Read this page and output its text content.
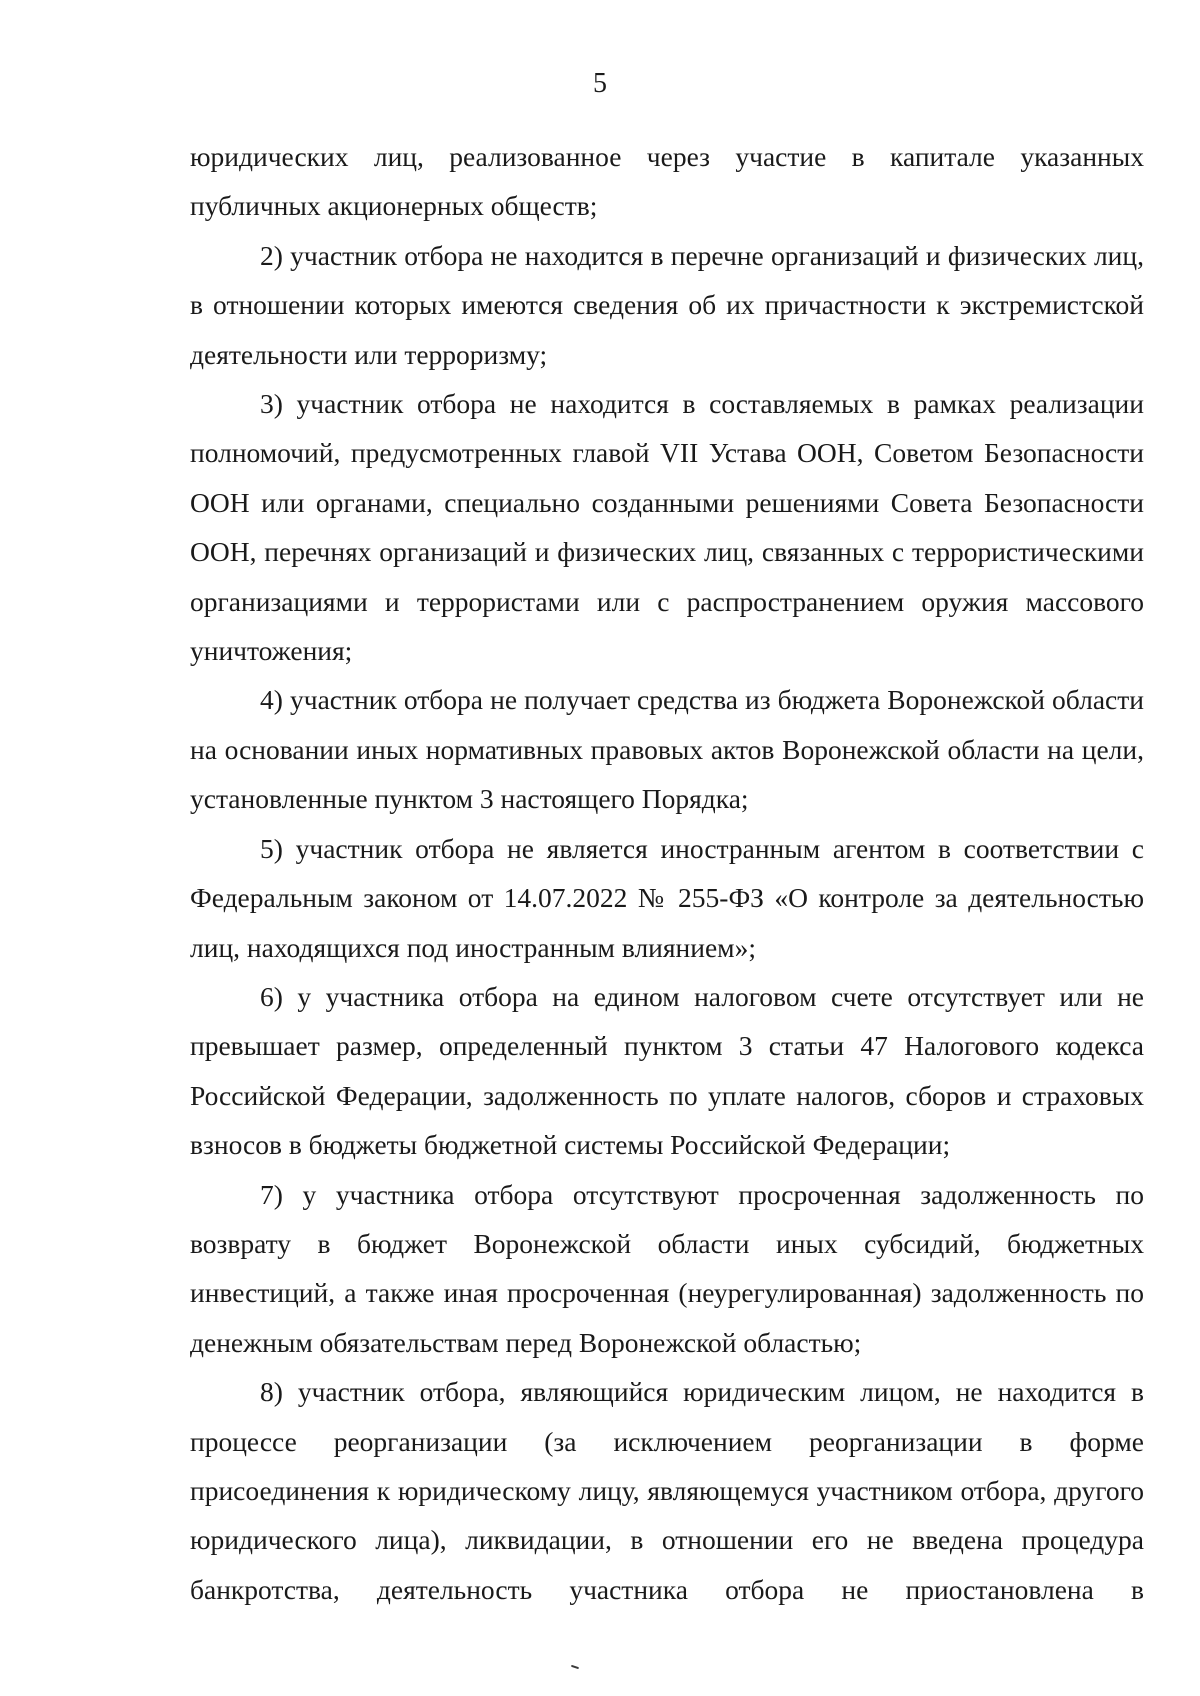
5

юридических лиц, реализованное через участие в капитале указанных публичных акционерных обществ;

2) участник отбора не находится в перечне организаций и физических лиц, в отношении которых имеются сведения об их причастности к экстремистской деятельности или терроризму;

3) участник отбора не находится в составляемых в рамках реализации полномочий, предусмотренных главой VII Устава ООН, Советом Безопасности ООН или органами, специально созданными решениями Совета Безопасности ООН, перечнях организаций и физических лиц, связанных с террористическими организациями и террористами или с распространением оружия массового уничтожения;

4) участник отбора не получает средства из бюджета Воронежской области на основании иных нормативных правовых актов Воронежской области на цели, установленные пунктом 3 настоящего Порядка;

5) участник отбора не является иностранным агентом в соответствии с Федеральным законом от 14.07.2022 № 255-ФЗ «О контроле за деятельностью лиц, находящихся под иностранным влиянием»;

6) у участника отбора на едином налоговом счете отсутствует или не превышает размер, определенный пунктом 3 статьи 47 Налогового кодекса Российской Федерации, задолженность по уплате налогов, сборов и страховых взносов в бюджеты бюджетной системы Российской Федерации;

7) у участника отбора отсутствуют просроченная задолженность по возврату в бюджет Воронежской области иных субсидий, бюджетных инвестиций, а также иная просроченная (неурегулированная) задолженность по денежным обязательствам перед Воронежской областью;

8) участник отбора, являющийся юридическим лицом, не находится в процессе реорганизации (за исключением реорганизации в форме присоединения к юридическому лицу, являющемуся участником отбора, другого юридического лица), ликвидации, в отношении его не введена процедура банкротства, деятельность участника отбора не приостановлена в
